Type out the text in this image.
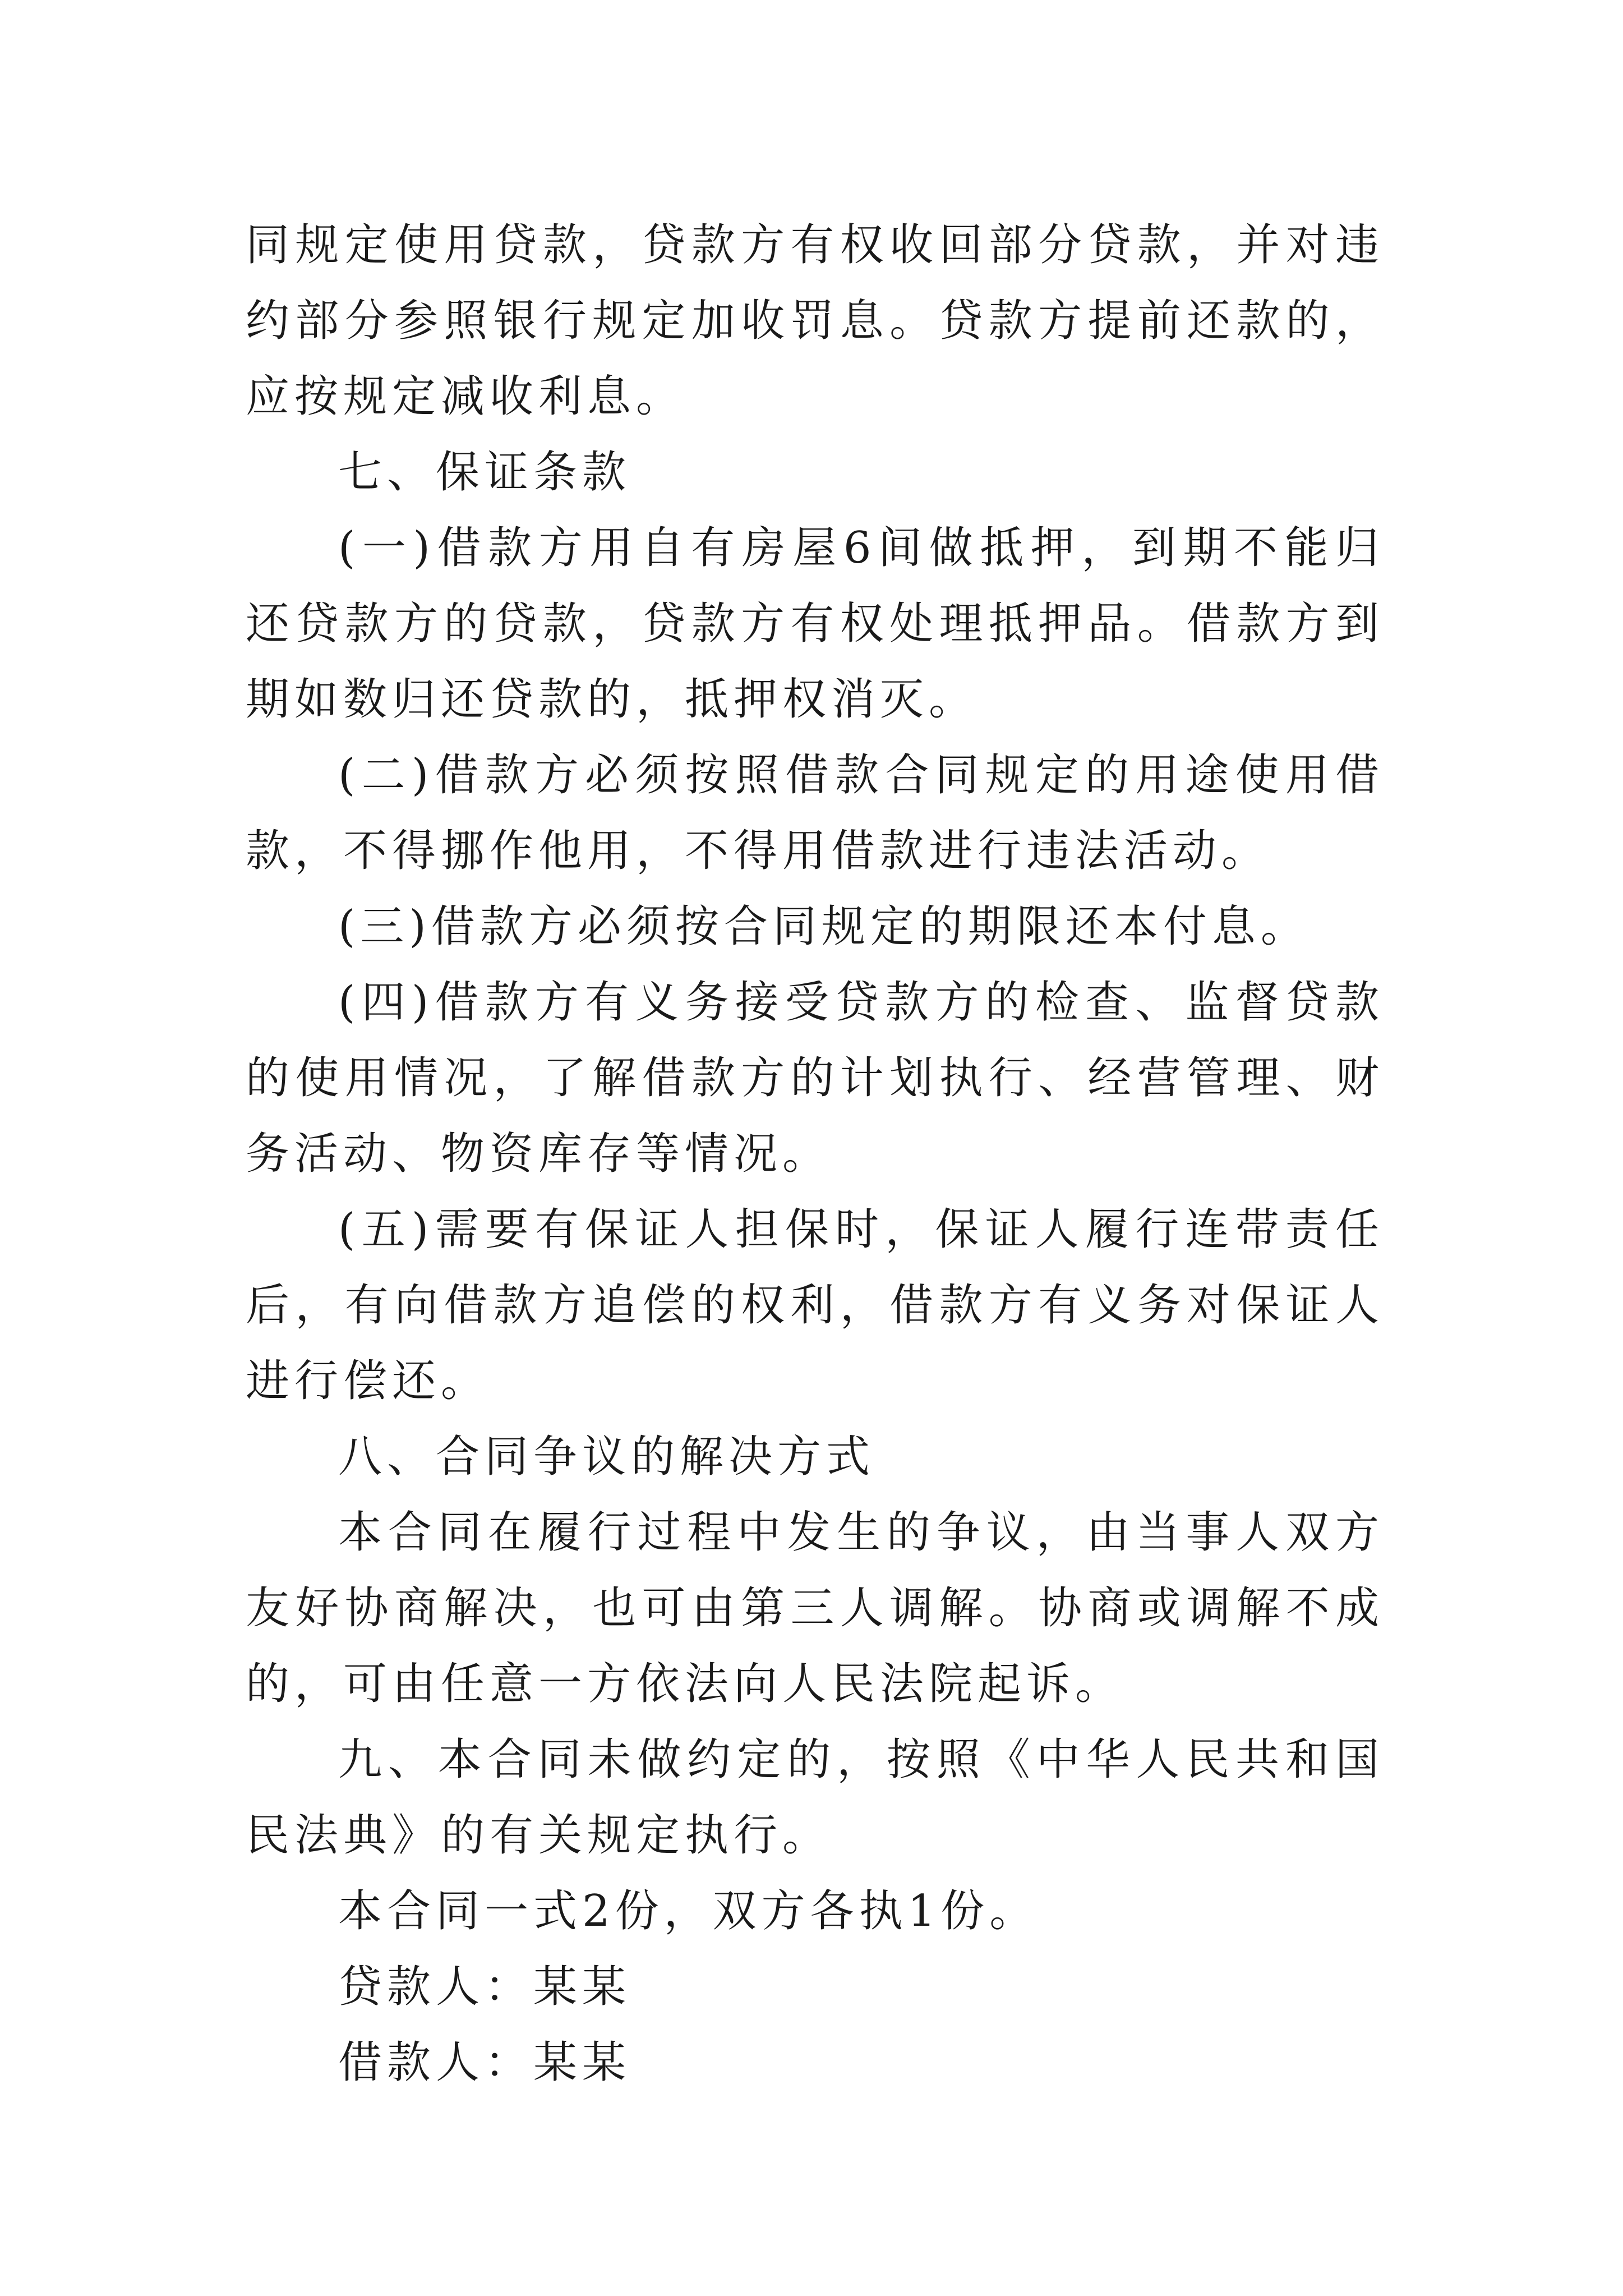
同规定使用贷款，贷款方有权收回部分贷款，并对违约部分参照银行规定加收罚息。贷款方提前还款的，应按规定减收利息。

七、保证条款

(一)借款方用自有房屋6间做抵押，到期不能归还贷款方的贷款，贷款方有权处理抵押品。借款方到期如数归还贷款的，抵押权消灭。

(二)借款方必须按照借款合同规定的用途使用借款，不得挪作他用，不得用借款进行违法活动。

(三)借款方必须按合同规定的期限还本付息。

(四)借款方有义务接受贷款方的检查、监督贷款的使用情况，了解借款方的计划执行、经营管理、财务活动、物资库存等情况。

(五)需要有保证人担保时，保证人履行连带责任后，有向借款方追偿的权利，借款方有义务对保证人进行偿还。

八、合同争议的解决方式

本合同在履行过程中发生的争议，由当事人双方友好协商解决，也可由第三人调解。协商或调解不成的，可由任意一方依法向人民法院起诉。

九、本合同未做约定的，按照《中华人民共和国民法典》的有关规定执行。

本合同一式2份，双方各执1份。

贷款人：某某

借款人：某某
